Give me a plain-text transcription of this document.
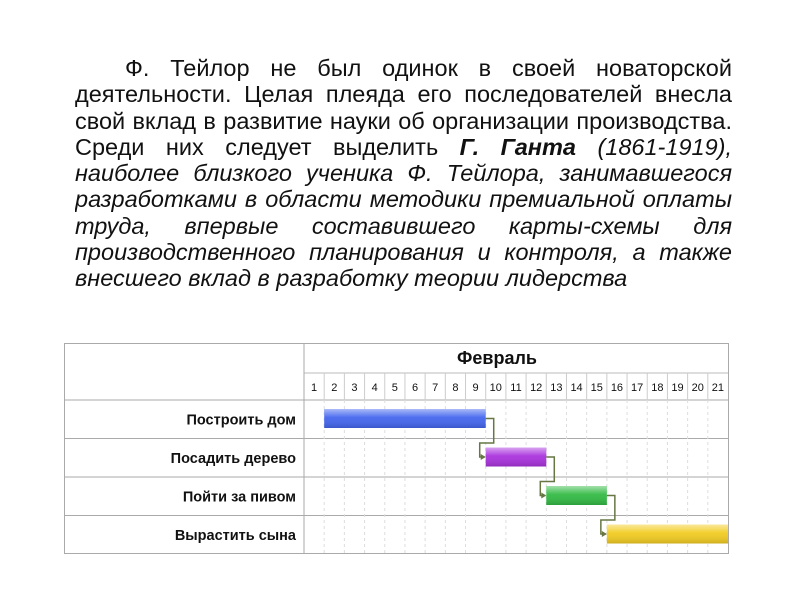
Ф. Тейлор не был одинок в своей новаторской деятельности. Целая плеяда его последователей внесла свой вклад в развитие науки об организации производства. Среди них следует выделить Г. Ганта (1861-1919), наиболее близкого ученика Ф. Тейлора, занимавшегося разработками в области методики премиальной оплаты труда, впервые составившего карты-схемы для производственного планирования и контроля, а также внесшего вклад в разработку теории лидерства

Февраль
1 2 3 4 5 6 7 8 9 10 11 12 13 14 15 16 17 18 19 20 21
Построить дом
Посадить дерево
Пойти за пивом
Вырастить сына
